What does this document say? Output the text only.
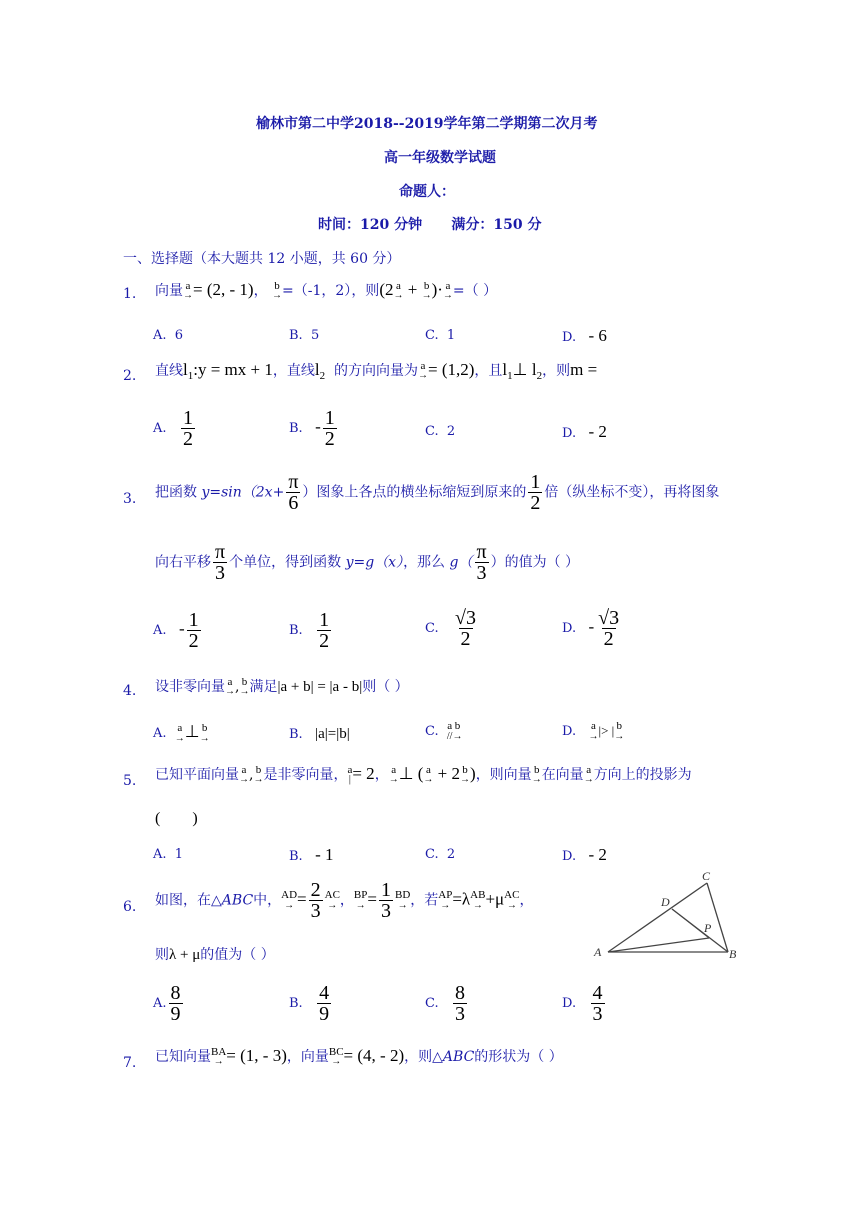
榆林市第二中学2018--2019学年第二学期第二次月考
高一年级数学试题
命题人：
时间：120 分钟      满分：150 分
一、选择题（本大题共 12 小题，共 60 分）
1. 向量 a
→ = (2, - 1)， b
→ =（-1，2），则(2 a
→ + b
→ )· a
→ =（ ）
A.  6	B.  5	C.  1	D. - 6
2. 直线$l_1:y$ = mx + 1，直线$l_2$  的方向向量为 a
→ = (1,2)，且$l_1\perp$ $l_2$，则m =
A. $\frac{1}{2}$	B. - $\frac{1}{2}$	C.  2	D. - 2
3. 把函数 $y=\sin(2x+ \frac{\pi}{6}$ ）图象上各点的横坐标缩短到原来的 $\frac{1}{2}$ 倍（纵坐标不变），再将图象
向右平移 $\frac{\pi}{3}$ 个单位，得到函数 y=g（x），那么 $g( \frac{\pi}{3}$ ）的值为（ ）
A. - $\frac{1}{2}$	B. $\frac{1}{2}$	C. $\frac{√3}{2}$	D. - $\frac{√3}{2}$
4. 设非零向量 a
→ , b
→ 满足|a + b| = |a - b|则（ ）
A. a
→ ⊥ b
→	B. |a|=|b|	C. a
//
b
→	D. a
→ |> | b
→
5. 已知平面向量 a
→ , b
→ 是非零向量， a
| = 2， a
→ ⊥ ( a
→ + 2 b
→ )，则向量 b
→ 在向量 a
→ 方向上的投影为
(        )
A.  1	B. - 1	C.  2	D. - 2
6. 如图，在△ABC中， AD
→ = $\frac{2}{3}$ AC
→ ， BP
→ = $\frac{1}{3}$ BD
→ ，若 AP
→ =λ AB
→ +μ AC
→ ，
则λ + μ的值为（ ）	A	B
C
D
P
A. $\frac{8}{9}$	B. $\frac{4}{9}$	C. $\frac{8}{3}$	D. $\frac{4}{3}$
7. 已知向量 BA
→ = (1, - 3)，向量 BC
→ = (4, - 2)，则△ABC的形状为（ ）
